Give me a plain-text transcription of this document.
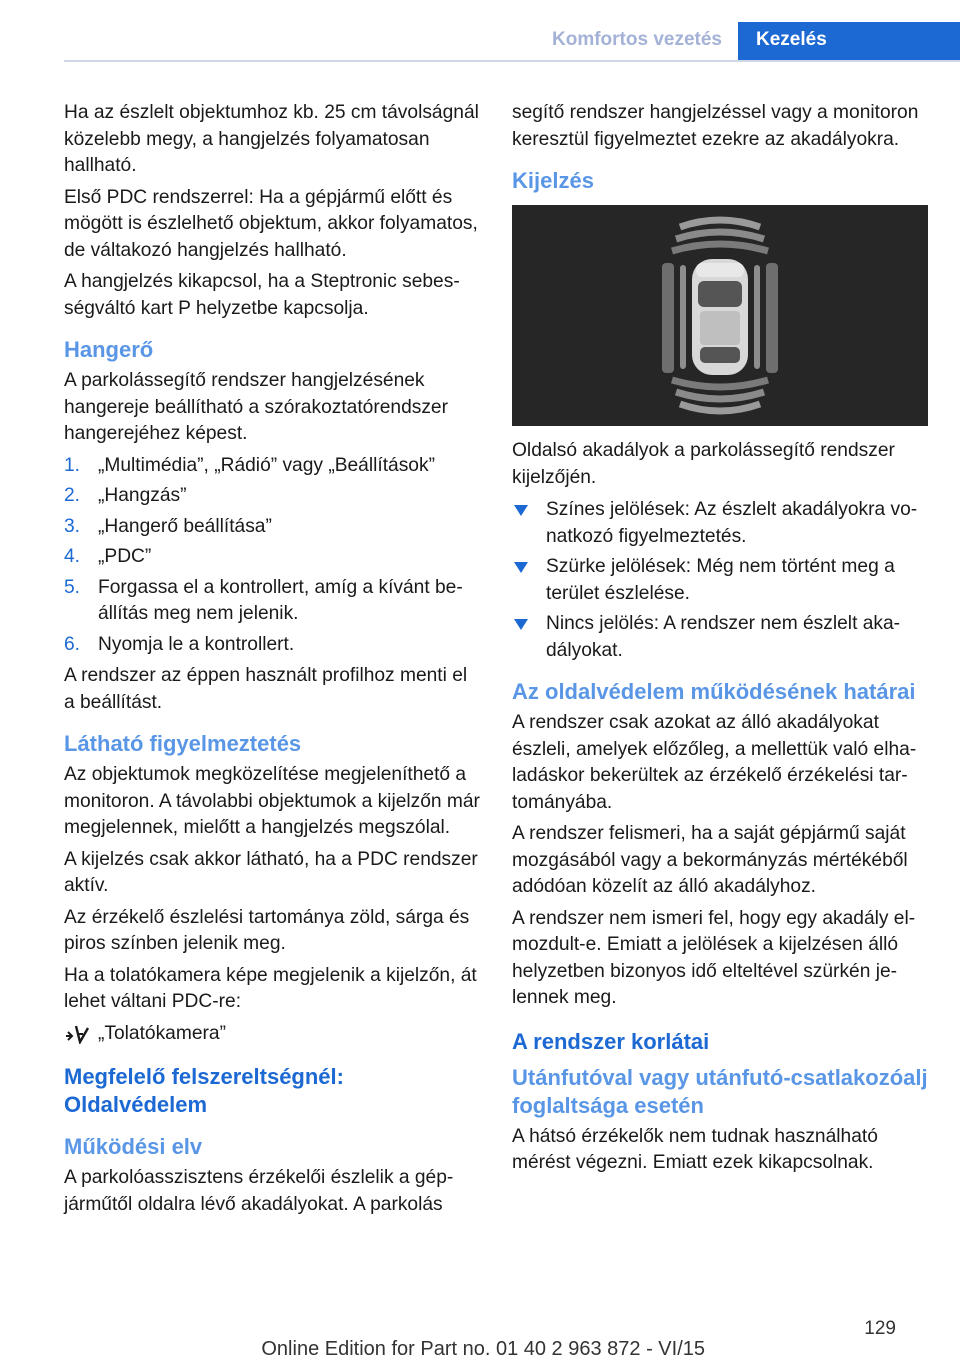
Komfortos vezetés	Kezelés

Ha az észlelt objektumhoz kb. 25 cm távolságnál közelebb megy, a hangjelzés folyamatosan hallható.

Első PDC rendszerrel: Ha a gépjármű előtt és mögött is észlelhető objektum, akkor folyamatos, de váltakozó hangjelzés hallható.

A hangjelzés kikapcsol, ha a Steptronic sebességváltó kart P helyzetbe kapcsolja.

Hangerő

A parkolássegítő rendszer hangjelzésének hangereje beállítható a szórakoztatórendszer hangerejéhez képest.

1. „Multimédia”, „Rádió” vagy „Beállítások”
2. „Hangzás”
3. „Hangerő beállítása”
4. „PDC”
5. Forgassa el a kontrollert, amíg a kívánt beállítás meg nem jelenik.
6. Nyomja le a kontrollert.

A rendszer az éppen használt profilhoz menti el a beállítást.

Látható figyelmeztetés

Az objektumok megközelítése megjeleníthető a monitoron. A távolabbi objektumok a kijelzőn már megjelennek, mielőtt a hangjelzés megszólal.

A kijelzés csak akkor látható, ha a PDC rendszer aktív.

Az érzékelő észlelési tartománya zöld, sárga és piros színben jelenik meg.

Ha a tolatókamera képe megjelenik a kijelzőn, át lehet váltani PDC-re:

„Tolatókamera”
Megfelelő felszereltségnél: Oldalvédelem
Működési elv

A parkolóasszisztens érzékelői észlelik a gépjárműtől oldalra lévő akadályokat. A parkolás

segítő rendszer hangjelzéssel vagy a monitoron keresztül figyelmeztet ezekre az akadályokra.

Kijelzés

Oldalsó akadályok a parkolássegítő rendszer kijelzőjén.

Színes jelölések: Az észlelt akadályokra vonatkozó figyelmeztetés.
Szürke jelölések: Még nem történt meg a terület észlelése.
Nincs jelölés: A rendszer nem észlelt akadályokat.
Az oldalvédelem működésének határai

A rendszer csak azokat az álló akadályokat észleli, amelyek előzőleg, a mellettük való elhaladáskor bekerültek az érzékelő érzékelési tartományába.

A rendszer felismeri, ha a saját gépjármű saját mozgásából vagy a bekormányzás mértékéből adódóan közelít az álló akadályhoz.

A rendszer nem ismeri fel, hogy egy akadály elmozdult-e. Emiatt a jelölések a kijelzésen álló helyzetben bizonyos idő elteltével szürkén jelennek meg.

A rendszer korlátai
Utánfutóval vagy utánfutó-csatlakozóalj foglaltsága esetén

A hátsó érzékelők nem tudnak használható mérést végezni. Emiatt ezek kikapcsolnak.

129
Online Edition for Part no. 01 40 2 963 872 - VI/15
